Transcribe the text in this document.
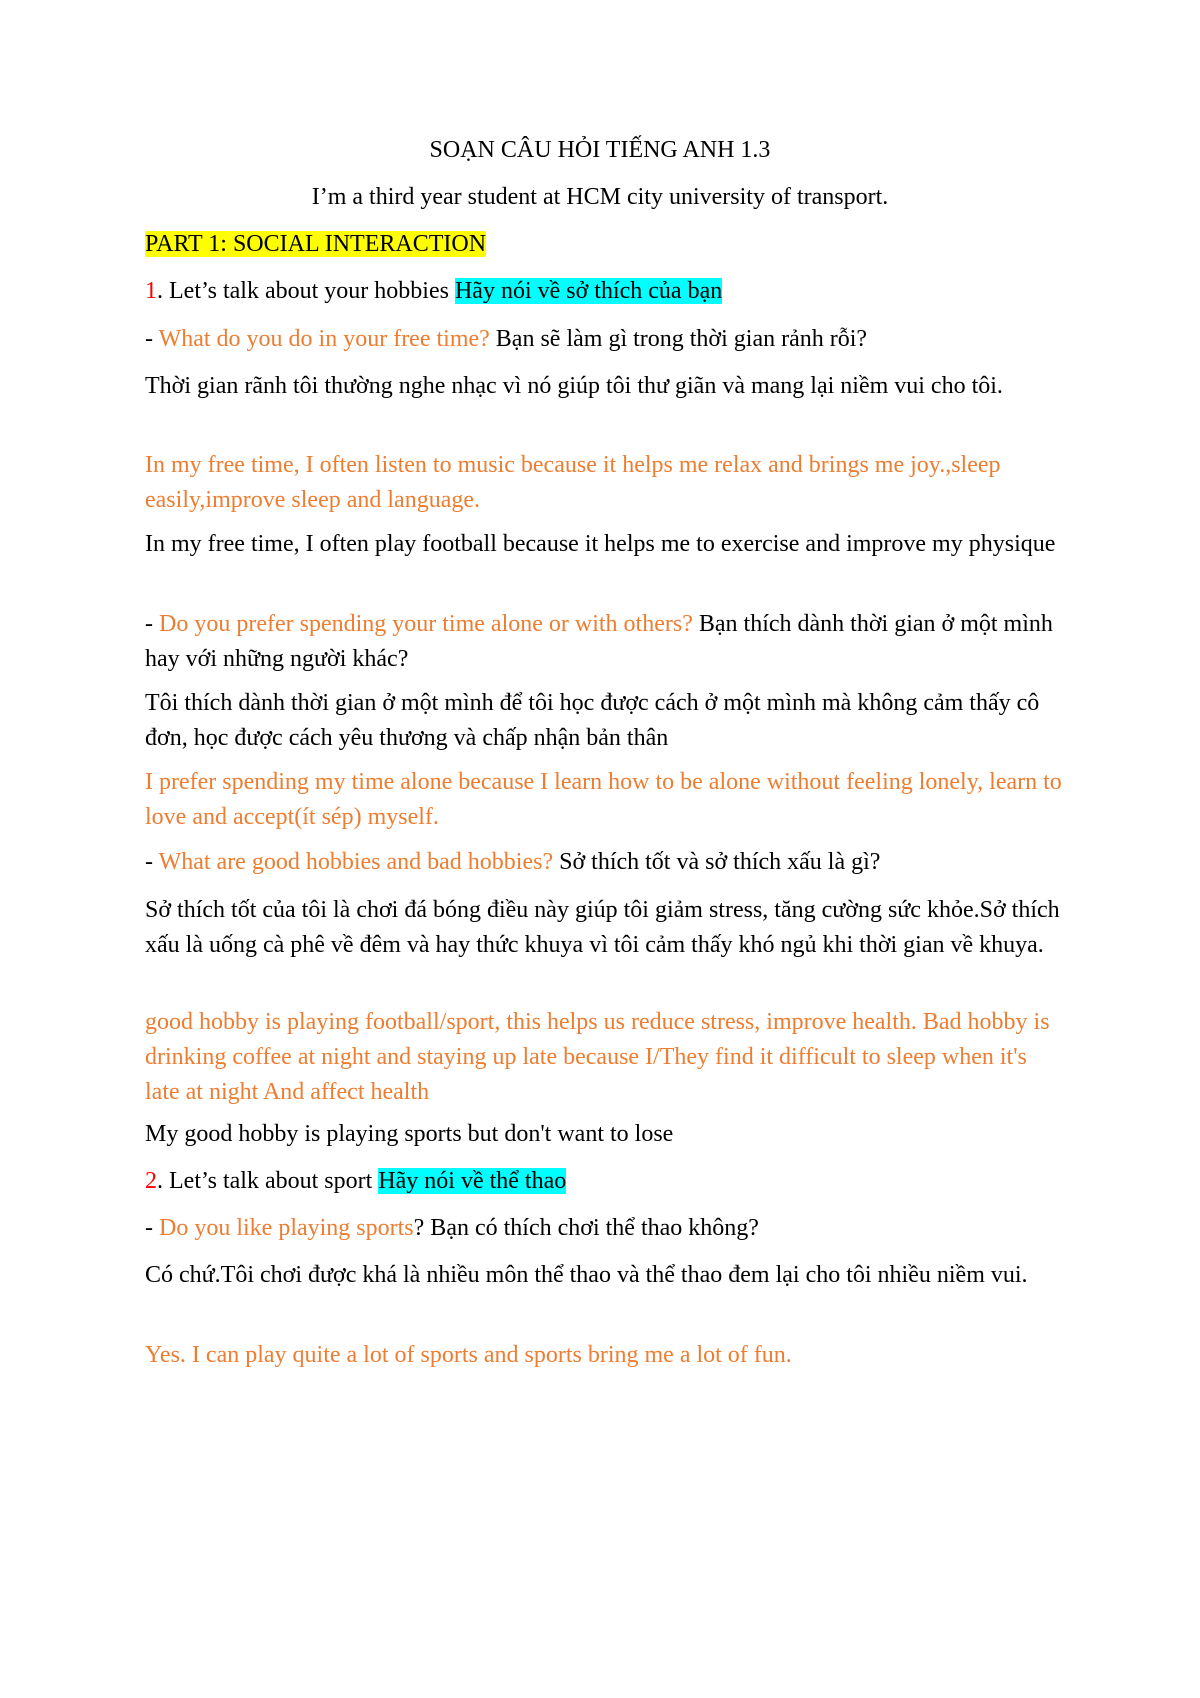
SOẠN CÂU HỎI TIẾNG ANH 1.3

I’m a third year student at HCM city university of transport.

PART 1: SOCIAL INTERACTION

1. Let’s talk about your hobbies Hãy nói về sở thích của bạn

- What do you do in your free time? Bạn sẽ làm gì trong thời gian rảnh rỗi?

Thời gian rãnh tôi thường nghe nhạc vì nó giúp tôi thư giãn và mang lại niềm vui cho tôi.

In my free time, I often listen to music because it helps me relax and brings me joy.,sleep easily,improve sleep and language.

In my free time, I often play football because it helps me to exercise and improve my physique

- Do you prefer spending your time alone or with others? Bạn thích dành thời gian ở một mình hay với những người khác?

Tôi thích dành thời gian ở một mình để tôi học được cách ở một mình mà không cảm thấy cô đơn, học được cách yêu thương và chấp nhận bản thân

I prefer spending my time alone because I learn how to be alone without feeling lonely, learn to love and accept(ít sép) myself.

- What are good hobbies and bad hobbies? Sở thích tốt và sở thích xấu là gì?

Sở thích tốt của tôi là chơi đá bóng điều này giúp tôi giảm stress, tăng cường sức khỏe.Sở thích xấu là uống cà phê về đêm và hay thức khuya vì tôi cảm thấy khó ngủ khi thời gian về khuya.

good hobby is playing football/sport, this helps us reduce stress, improve health. Bad hobby is drinking coffee at night and staying up late because I/They find it difficult to sleep when it's late at night And affect health

My good hobby is playing sports but don't want to lose

2. Let’s talk about sport Hãy nói về thể thao

- Do you like playing sports? Bạn có thích chơi thể thao không?

Có chứ.Tôi chơi được khá là nhiều môn thể thao và thể thao đem lại cho tôi nhiều niềm vui.

Yes. I can play quite a lot of sports and sports bring me a lot of fun.
